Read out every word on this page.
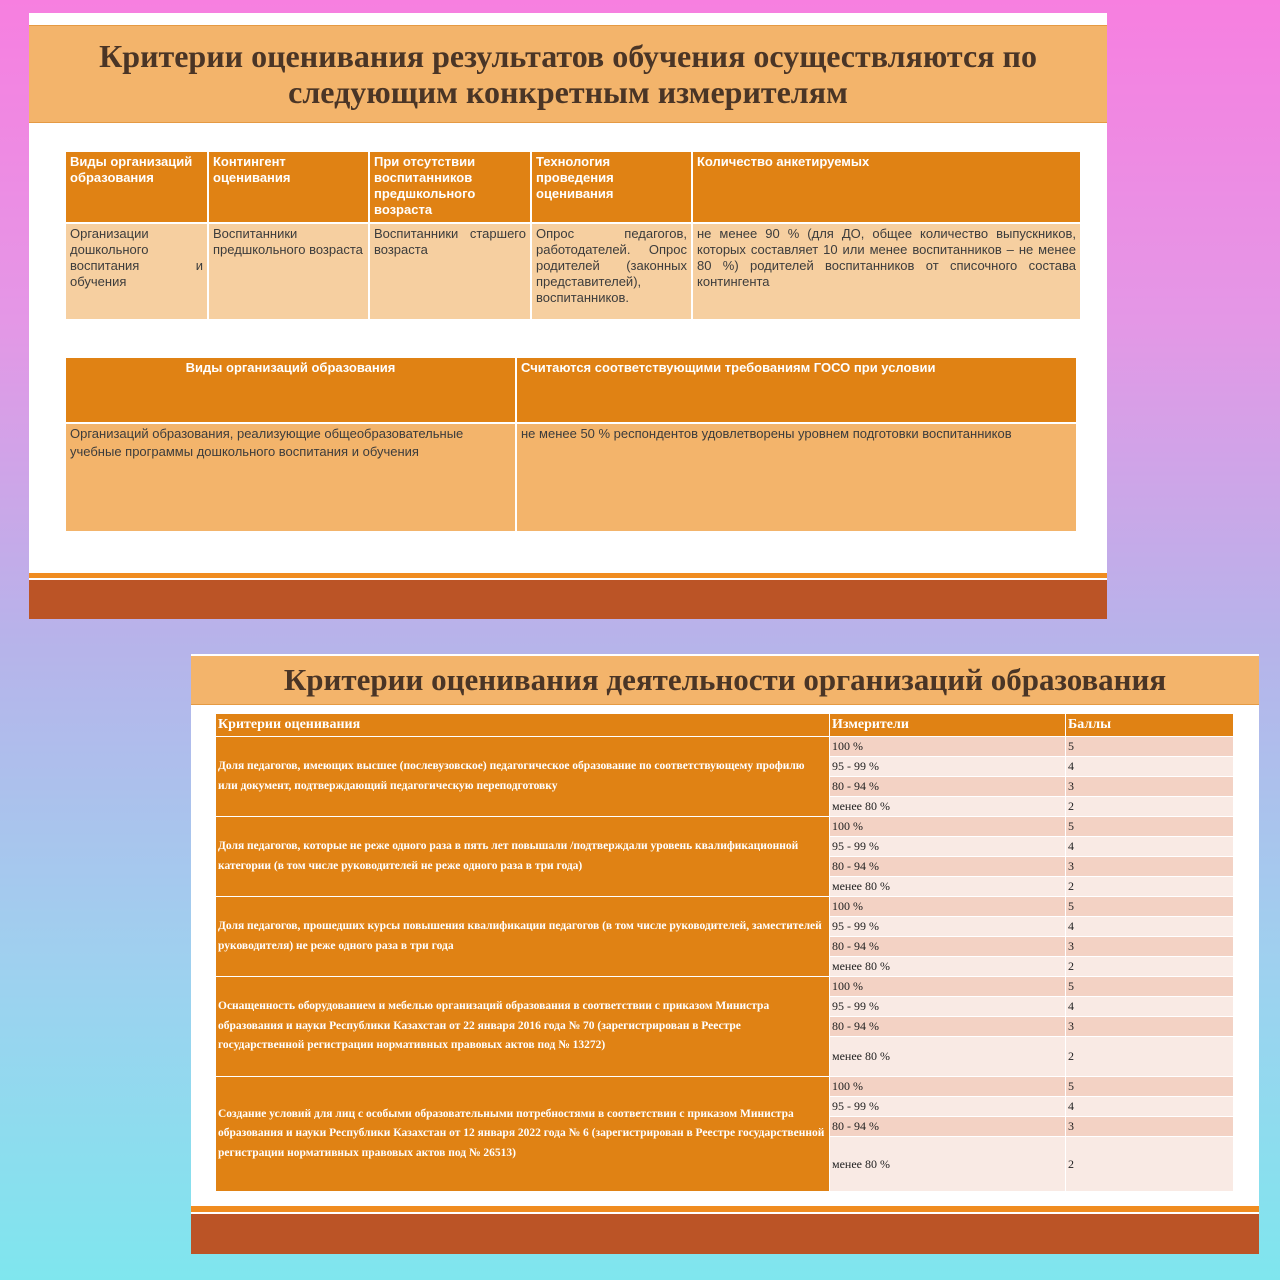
Критерии оценивания результатов обучения осуществляются по следующим конкретным измерителям
Виды организаций образования	Контингент оценивания	При отсутствии воспитанников предшкольного возраста	Технология проведения оценивания	Количество анкетируемых
Организации дошкольного воспитания и обучения	Воспитанники предшкольного возраста	Воспитанники старшего возраста	Опрос педагогов, работодателей. Опрос родителей (законных представителей), воспитанников.	не менее 90 % (для ДО, общее количество выпускников, которых составляет 10 или менее воспитанников – не менее 80 %) родителей воспитанников от списочного состава контингента
Виды организаций образования	Считаются соответствующими требованиям ГОСО при условии
Организаций образования, реализующие общеобразовательные учебные программы дошкольного воспитания и обучения	не менее 50 % респондентов удовлетворены уровнем подготовки воспитанников
Критерии оценивания деятельности организаций образования
Критерии оценивания	Измерители	Баллы
Доля педагогов, имеющих высшее (послевузовское) педагогическое образование по соответствующему профилю или документ, подтверждающий педагогическую переподготовку	100 %	5
	95 - 99 %	4
	80 - 94 %	3
	менее 80 %	2
Доля педагогов, которые не реже одного раза в пять лет повышали /подтверждали уровень квалификационной категории (в том числе руководителей не реже одного раза в три года)	100 %	5
	95 - 99 %	4
	80 - 94 %	3
	менее 80 %	2
Доля педагогов, прошедших курсы повышения квалификации педагогов (в том числе руководителей, заместителей руководителя) не реже одного раза в три года	100 %	5
	95 - 99 %	4
	80 - 94 %	3
	менее 80 %	2
Оснащенность оборудованием и мебелью организаций образования в соответствии с приказом Министра образования и науки Республики Казахстан от 22 января 2016 года № 70 (зарегистрирован в Реестре государственной регистрации нормативных правовых актов под № 13272)	100 %	5
	95 - 99 %	4
	80 - 94 %	3
	менее 80 %	2
Создание условий для лиц с особыми образовательными потребностями в соответствии с приказом Министра образования и науки Республики Казахстан от 12 января 2022 года № 6 (зарегистрирован в Реестре государственной регистрации нормативных правовых актов под № 26513)	100 %	5
	95 - 99 %	4
	80 - 94 %	3
	менее 80 %	2
